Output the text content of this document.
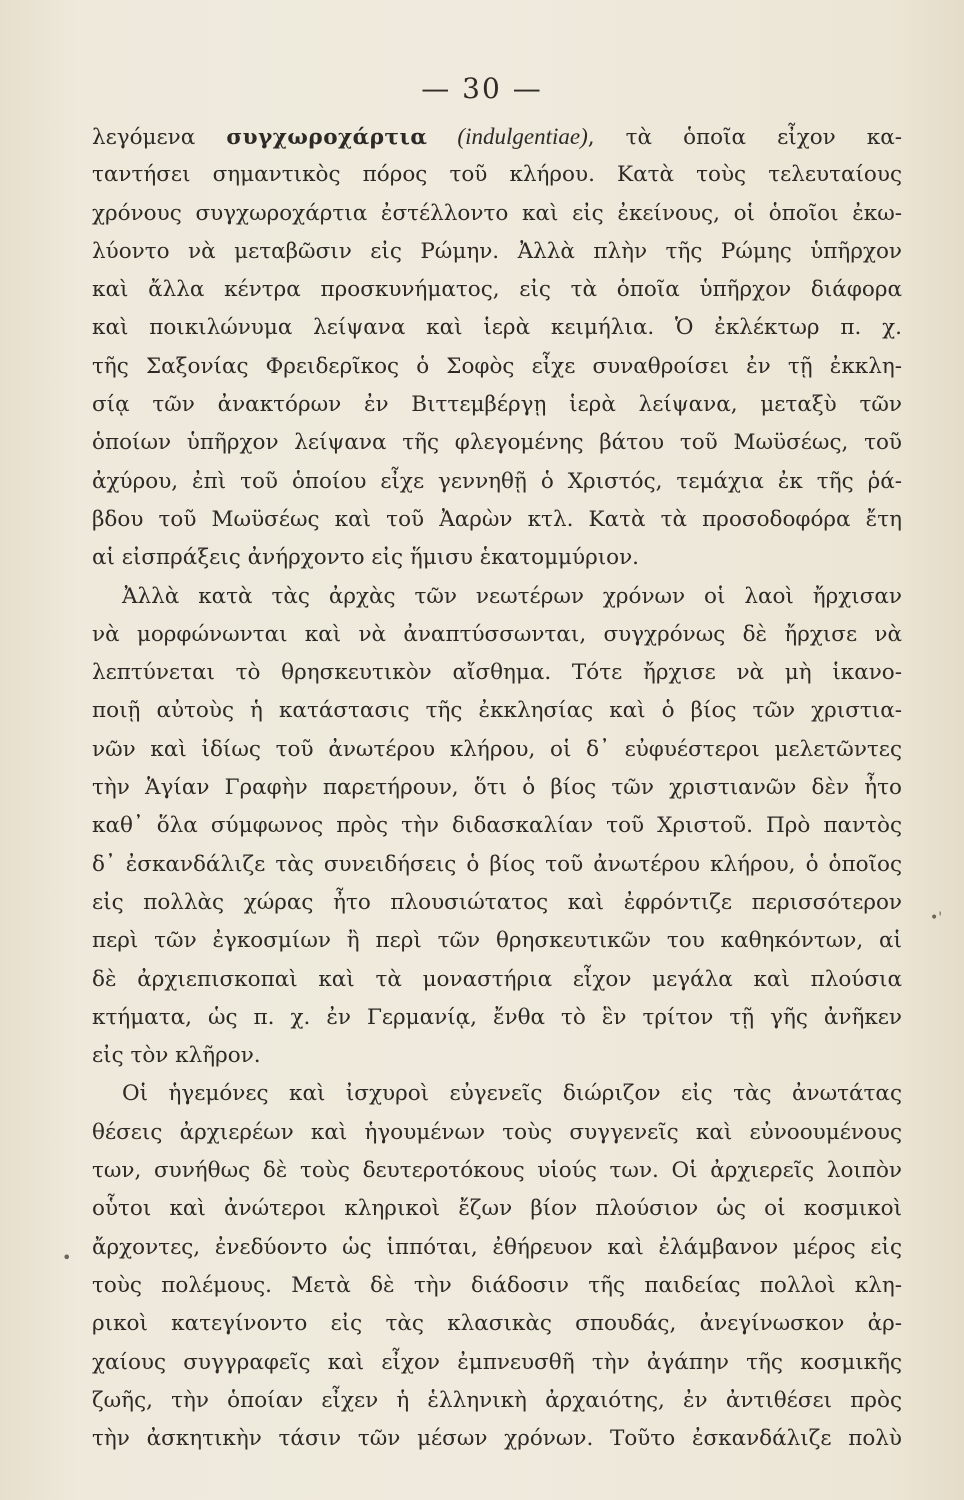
— 30 —
•'
•
λεγόμενα συγχωροχάρτια (indulgentiae), τὰ ὁποῖα εἶχον κα-
ταντήσει σημαντικὸς πόρος τοῦ κλήρου. Κατὰ τοὺς τελευταίους
χρόνους συγχωροχάρτια ἐστέλλοντο καὶ εἰς ἐκείνους, οἱ ὁποῖοι ἐκω-
λύοντο νὰ μεταβῶσιν εἰς Ρώμην. Ἀλλὰ πλὴν τῆς Ρώμης ὑπῆρχον
καὶ ἄλλα κέντρα προσκυνήματος, εἰς τὰ ὁποῖα ὑπῆρχον διάφορα
καὶ ποικιλώνυμα λείψανα καὶ ἱερὰ κειμήλια. Ὁ ἐκλέκτωρ π. χ.
τῆς Σαξονίας Φρειδερῖκος ὁ Σοφὸς εἶχε συναθροίσει ἐν τῇ ἐκκλη-
σίᾳ τῶν ἀνακτόρων ἐν Βιττεμβέργῃ ἱερὰ λείψανα, μεταξὺ τῶν
ὁποίων ὑπῆρχον λείψανα τῆς φλεγομένης βάτου τοῦ Μωϋσέως, τοῦ
ἀχύρου, ἐπὶ τοῦ ὁποίου εἶχε γεννηθῇ ὁ Χριστός, τεμάχια ἐκ τῆς ῥά-
βδου τοῦ Μωϋσέως καὶ τοῦ Ἀαρὼν κτλ. Κατὰ τὰ προσοδοφόρα ἔτη
αἱ εἰσπράξεις ἀνήρχοντο εἰς ἥμισυ ἑκατομμύριον.
Ἀλλὰ κατὰ τὰς ἀρχὰς τῶν νεωτέρων χρόνων οἱ λαοὶ ἤρχισαν
νὰ μορφώνωνται καὶ νὰ ἀναπτύσσωνται, συγχρόνως δὲ ἤρχισε νὰ
λεπτύνεται τὸ θρησκευτικὸν αἴσθημα. Τότε ἤρχισε νὰ μὴ ἱκανο-
ποιῇ αὐτοὺς ἡ κατάστασις τῆς ἐκκλησίας καὶ ὁ βίος τῶν χριστια-
νῶν καὶ ἰδίως τοῦ ἀνωτέρου κλήρου, οἱ δ᾿ εὐφυέστεροι μελετῶντες
τὴν Ἁγίαν Γραφὴν παρετήρουν, ὅτι ὁ βίος τῶν χριστιανῶν δὲν ἦτο
καθ᾿ ὅλα σύμφωνος πρὸς τὴν διδασκαλίαν τοῦ Χριστοῦ. Πρὸ παντὸς
δ᾿ ἐσκανδάλιζε τὰς συνειδήσεις ὁ βίος τοῦ ἀνωτέρου κλήρου, ὁ ὁποῖος
εἰς πολλὰς χώρας ἦτο πλουσιώτατος καὶ ἐφρόντιζε περισσότερον
περὶ τῶν ἐγκοσμίων ἢ περὶ τῶν θρησκευτικῶν του καθηκόντων, αἱ
δὲ ἀρχιεπισκοπαὶ καὶ τὰ μοναστήρια εἶχον μεγάλα καὶ πλούσια
κτήματα, ὡς π. χ. ἐν Γερμανίᾳ, ἔνθα τὸ ἓν τρίτον τῇ γῆς ἀνῆκεν
εἰς τὸν κλῆρον.
Οἱ ἡγεμόνες καὶ ἰσχυροὶ εὐγενεῖς διώριζον εἰς τὰς ἀνωτάτας
θέσεις ἀρχιερέων καὶ ἡγουμένων τοὺς συγγενεῖς καὶ εὐνοουμένους
των, συνήθως δὲ τοὺς δευτεροτόκους υἱούς των. Οἱ ἀρχιερεῖς λοιπὸν
οὗτοι καὶ ἀνώτεροι κληρικοὶ ἔζων βίον πλούσιον ὡς οἱ κοσμικοὶ
ἄρχοντες, ἐνεδύοντο ὡς ἱππόται, ἐθήρευον καὶ ἐλάμβανον μέρος εἰς
τοὺς πολέμους. Μετὰ δὲ τὴν διάδοσιν τῆς παιδείας πολλοὶ κλη-
ρικοὶ κατεγίνοντο εἰς τὰς κλασικὰς σπουδάς, ἀνεγίνωσκον ἀρ-
χαίους συγγραφεῖς καὶ εἶχον ἐμπνευσθῆ τὴν ἀγάπην τῆς κοσμικῆς
ζωῆς, τὴν ὁποίαν εἶχεν ἡ ἑλληνικὴ ἀρχαιότης, ἐν ἀντιθέσει πρὸς
τὴν ἀσκητικὴν τάσιν τῶν μέσων χρόνων. Τοῦτο ἐσκανδάλιζε πολὺ
